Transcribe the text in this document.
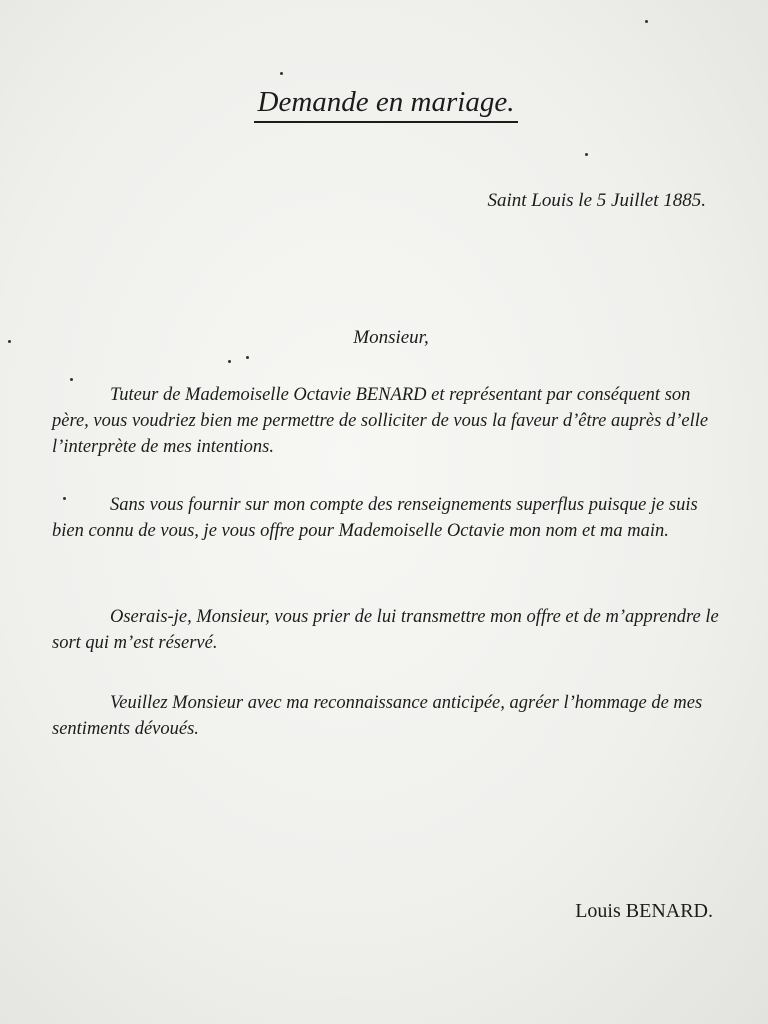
Demande en mariage.
Saint Louis le 5 Juillet 1885.
Monsieur,
Tuteur de Mademoiselle Octavie BENARD et représentant par conséquent son père, vous voudriez bien me permettre de solliciter de vous la faveur d’être auprès d’elle l’interprète de mes intentions.
Sans vous fournir sur mon compte des renseignements superflus puisque je suis bien connu de vous, je vous offre pour Mademoiselle Octavie mon nom et ma main.
Oserais-je, Monsieur, vous prier de lui transmettre mon offre et de m’apprendre le sort qui m’est réservé.
Veuillez Monsieur avec ma reconnaissance anticipée, agréer l’hommage de mes sentiments dévoués.
Louis BENARD.
